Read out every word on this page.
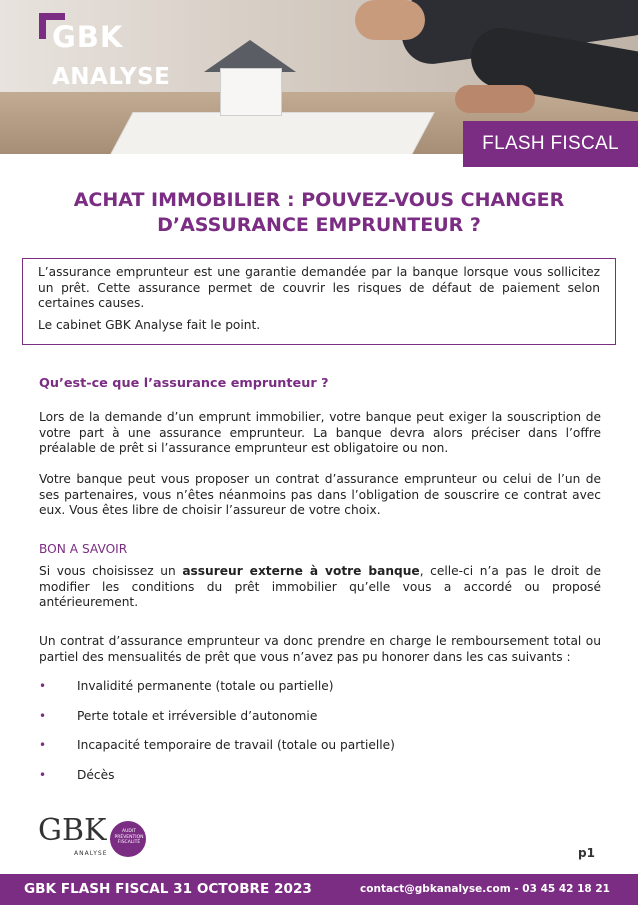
GBK
ANALYSE
FLASH FISCAL
ACHAT IMMOBILIER : POUVEZ-VOUS CHANGER
D’ASSURANCE EMPRUNTEUR ?

L’assurance emprunteur est une garantie demandée par la banque lorsque vous sollicitez un prêt. Cette assurance permet de couvrir les risques de défaut de paiement selon certaines causes.

Le cabinet GBK Analyse fait le point.

Qu’est-ce que l’assurance emprunteur ?

Lors de la demande d’un emprunt immobilier, votre banque peut exiger la souscription de votre part à une assurance emprunteur. La banque devra alors préciser dans l’offre préalable de prêt si l’assurance emprunteur est obligatoire ou non.

Votre banque peut vous proposer un contrat d’assurance emprunteur ou celui de l’un de ses partenaires, vous n’êtes néanmoins pas dans l’obligation de souscrire ce contrat avec eux. Vous êtes libre de choisir l’assureur de votre choix.

BON A SAVOIR

Si vous choisissez un assureur externe à votre banque, celle-ci n’a pas le droit de modifier les conditions du prêt immobilier qu’elle vous a accordé ou proposé antérieurement.

Un contrat d’assurance emprunteur va donc prendre en charge le remboursement total ou partiel des mensualités de prêt que vous n’avez pas pu honorer dans les cas suivants :

•	Invalidité permanente (totale ou partielle)
•	Perte totale et irréversible d’autonomie
•	Incapacité temporaire de travail (totale ou partielle)
•	Décès
GBK
ANALYSE
AUDIT
PRÉVENTION
FISCALITÉ
p1
GBK FLASH FISCAL 31 OCTOBRE 2023	contact@gbkanalyse.com - 03 45 42 18 21
